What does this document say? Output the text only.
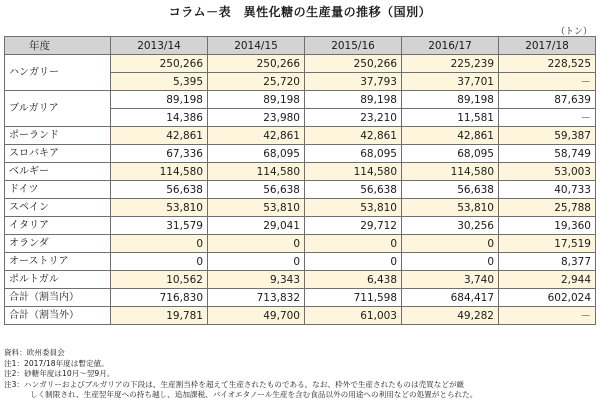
コラム－表　異性化糖の生産量の推移（国別）
（トン）
年度	2013/14	2014/15	2015/16	2016/17	2017/18
ハンガリー	250,266	250,266	250,266	225,239	228,525
	5,395	25,720	37,793	37,701	－
ブルガリア	89,198	89,198	89,198	89,198	87,639
	14,386	23,980	23,210	11,581	－
ポーランド	42,861	42,861	42,861	42,861	59,387
スロバキア	67,336	68,095	68,095	68,095	58,749
ベルギー	114,580	114,580	114,580	114,580	53,003
ドイツ	56,638	56,638	56,638	56,638	40,733
スペイン	53,810	53,810	53,810	53,810	25,788
イタリア	31,579	29,041	29,712	30,256	19,360
オランダ	0	0	0	0	17,519
オーストリア	0	0	0	0	8,377
ポルトガル	10,562	9,343	6,438	3,740	2,944
合計（割当内）	716,830	713,832	711,598	684,417	602,024
合計（割当外）	19,781	49,700	61,003	49,282	－
資料：欧州委員会
注1：2017/18年度は暫定値。
注2：砂糖年度は10月～翌9月。
注3：ハンガリーおよびブルガリアの下段は、生産割当枠を超えて生産されたものである。なお、枠外で生産されたものは売買などが厳
しく制限され、生産翌年度への持ち越し、追加課税、バイオエタノール生産を含む食品以外の用途への利用などの処置がとられた。
